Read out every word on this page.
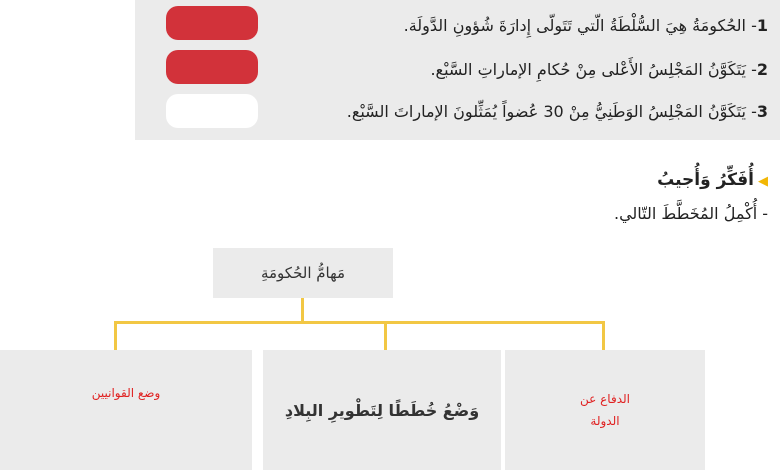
1- الحُكومَةُ هِيَ السُّلْطَةُ الّتي تَتَولّى إِدارَةَ شُؤونِ الدَّولَة.
2- يَتَكَوَّنُ المَجْلِسُ الأَعْلى مِنْ حُكامِ الإماراتِ السَّبْع.
3- يَتَكَوَّنُ المَجْلِسُ الوَطَنِيُّ مِنْ 30 عُضواً يُمَثِّلونَ الإماراتَ السَّبْع.
◀أُفَكِّرُ وَأُجيبُ
- أُكْمِلُ المُخَطَّطَ التّالي.
مَهامُّ الحُكومَةِ
الدفاع عن
الدولة
وَضْعُ خُطَطًا لِتَطْويرِ البِلادِ
وضع القوانيين
